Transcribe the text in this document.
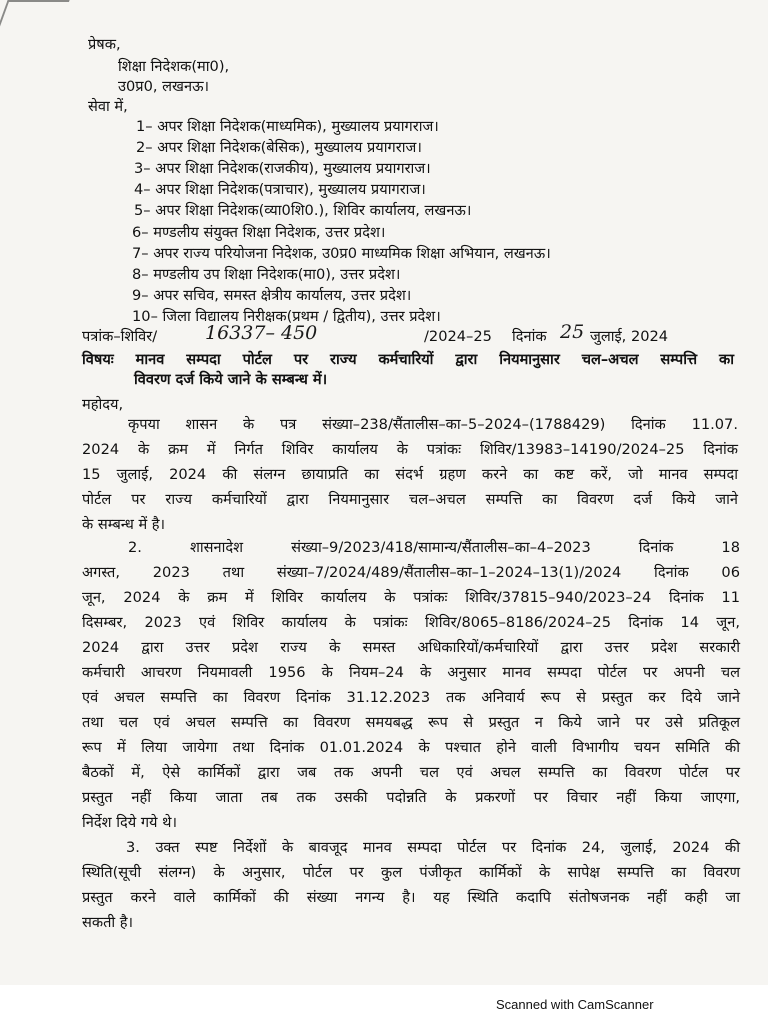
प्रेषक,
शिक्षा निदेशक(मा0),
उ0प्र0, लखनऊ।
सेवा में,
1– अपर शिक्षा निदेशक(माध्यमिक), मुख्यालय प्रयागराज।
2– अपर शिक्षा निदेशक(बेसिक), मुख्यालय प्रयागराज।
3– अपर शिक्षा निदेशक(राजकीय), मुख्यालय प्रयागराज।
4– अपर शिक्षा निदेशक(पत्राचार), मुख्यालय प्रयागराज।
5– अपर शिक्षा निदेशक(व्या0शि0.), शिविर कार्यालय, लखनऊ।
6– मण्डलीय संयुक्त शिक्षा निदेशक, उत्तर प्रदेश।
7– अपर राज्य परियोजना निदेशक, उ0प्र0 माध्यमिक शिक्षा अभियान, लखनऊ।
8– मण्डलीय उप शिक्षा निदेशक(मा0), उत्तर प्रदेश।
9– अपर सचिव, समस्त क्षेत्रीय कार्यालय, उत्तर प्रदेश।
10– जिला विद्यालय निरीक्षक(प्रथम / द्वितीय), उत्तर प्रदेश।
पत्रांक–शिविर/	16337– 450	/2024–25 दिनांक 25 जुलाई, 2024
विषयः मानव सम्पदा पोर्टल पर राज्य कर्मचारियों द्वारा नियमानुसार चल–अचल सम्पत्ति का
विवरण दर्ज किये जाने के सम्बन्ध में।
महोदय,
कृपया शासन के पत्र संख्या–238/सैंतालीस–का–5–2024–(1788429) दिनांक 11.07.
2024 के क्रम में निर्गत शिविर कार्यालय के पत्रांकः शिविर/13983–14190/2024–25 दिनांक
15 जुलाई, 2024 की संलग्न छायाप्रति का संदर्भ ग्रहण करने का कष्ट करें, जो मानव सम्पदा
पोर्टल पर राज्य कर्मचारियों द्वारा नियमानुसार चल–अचल सम्पत्ति का विवरण दर्ज किये जाने
के सम्बन्ध में है।
2. शासनादेश संख्या–9/2023/418/सामान्य/सैंतालीस–का–4–2023 दिनांक 18
अगस्त, 2023 तथा संख्या–7/2024/489/सैंतालीस–का–1–2024–13(1)/2024 दिनांक 06
जून, 2024 के क्रम में शिविर कार्यालय के पत्रांकः शिविर/37815–940/2023–24 दिनांक 11
दिसम्बर, 2023 एवं शिविर कार्यालय के पत्रांकः शिविर/8065–8186/2024–25 दिनांक 14 जून,
2024 द्वारा उत्तर प्रदेश राज्य के समस्त अधिकारियों/कर्मचारियों द्वारा उत्तर प्रदेश सरकारी
कर्मचारी आचरण नियमावली 1956 के नियम–24 के अनुसार मानव सम्पदा पोर्टल पर अपनी चल
एवं अचल सम्पत्ति का विवरण दिनांक 31.12.2023 तक अनिवार्य रूप से प्रस्तुत कर दिये जाने
तथा चल एवं अचल सम्पत्ति का विवरण समयबद्ध रूप से प्रस्तुत न किये जाने पर उसे प्रतिकूल
रूप में लिया जायेगा तथा दिनांक 01.01.2024 के पश्चात होने वाली विभागीय चयन समिति की
बैठकों में, ऐसे कार्मिकों द्वारा जब तक अपनी चल एवं अचल सम्पत्ति का विवरण पोर्टल पर
प्रस्तुत नहीं किया जाता तब तक उसकी पदोन्नति के प्रकरणों पर विचार नहीं किया जाएगा,
निर्देश दिये गये थे।
3. उक्त स्पष्ट निर्देशों के बावजूद मानव सम्पदा पोर्टल पर दिनांक 24, जुलाई, 2024 की
स्थिति(सूची संलग्न) के अनुसार, पोर्टल पर कुल पंजीकृत कार्मिकों के सापेक्ष सम्पत्ति का विवरण
प्रस्तुत करने वाले कार्मिकों की संख्या नगन्य है। यह स्थिति कदापि संतोषजनक नहीं कही जा
सकती है।
Scanned with CamScanner
